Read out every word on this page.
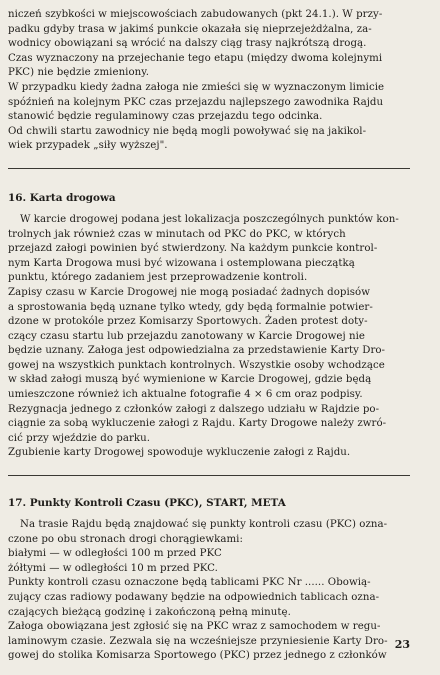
niczeń szybkości w miejscowościach zabudowanych (pkt 24.1.). W przy-

padku gdyby trasa w jakimś punkcie okazała się nieprzejeżdżalna, za-

wodnicy obowiązani są wrócić na dalszy ciąg trasy najkrótszą drogą.

Czas wyznaczony na przejechanie tego etapu (między dwoma kolejnymi

PKC) nie będzie zmieniony.

W przypadku kiedy żadna załoga nie zmieści się w wyznaczonym limicie

spóźnień na kolejnym PKC czas przejazdu najlepszego zawodnika Rajdu

stanowić będzie regulaminowy czas przejazdu tego odcinka.

Od chwili startu zawodnicy nie będą mogli powoływać się na jakikol-

wiek przypadek „siły wyższej".

16. Karta drogowa

W karcie drogowej podana jest lokalizacja poszczególnych punktów kon-

trolnych jak również czas w minutach od PKC do PKC, w których

przejazd załogi powinien być stwierdzony. Na każdym punkcie kontrol-

nym Karta Drogowa musi być wizowana i ostemplowana pieczątką

punktu, którego zadaniem jest przeprowadzenie kontroli.

Zapisy czasu w Karcie Drogowej nie mogą posiadać żadnych dopisów

a sprostowania będą uznane tylko wtedy, gdy będą formalnie potwier-

dzone w protokóle przez Komisarzy Sportowych. Żaden protest doty-

czący czasu startu lub przejazdu zanotowany w Karcie Drogowej nie

będzie uznany. Załoga jest odpowiedzialna za przedstawienie Karty Dro-

gowej na wszystkich punktach kontrolnych. Wszystkie osoby wchodzące

w skład załogi muszą być wymienione w Karcie Drogowej, gdzie będą

umieszczone również ich aktualne fotografie 4 × 6 cm oraz podpisy.

Rezygnacja jednego z członków załogi z dalszego udziału w Rajdzie po-

ciągnie za sobą wykluczenie załogi z Rajdu. Karty Drogowe należy zwró-

cić przy wjeździe do parku.

Zgubienie karty Drogowej spowoduje wykluczenie załogi z Rajdu.

17. Punkty Kontroli Czasu (PKC), START, META

Na trasie Rajdu będą znajdować się punkty kontroli czasu (PKC) ozna-

czone po obu stronach drogi chorągiewkami:

białymi — w odległości 100 m przed PKC

żółtymi — w odległości 10 m przed PKC.

Punkty kontroli czasu oznaczone będą tablicami PKC Nr ...... Obowią-

zujący czas radiowy podawany będzie na odpowiednich tablicach ozna-

czających bieżącą godzinę i zakończoną pełną minutę.

Załoga obowiązana jest zgłosić się na PKC wraz z samochodem w regu-

laminowym czasie. Zezwala się na wcześniejsze przyniesienie Karty Dro-

gowej do stolika Komisarza Sportowego (PKC) przez jednego z członków

23
